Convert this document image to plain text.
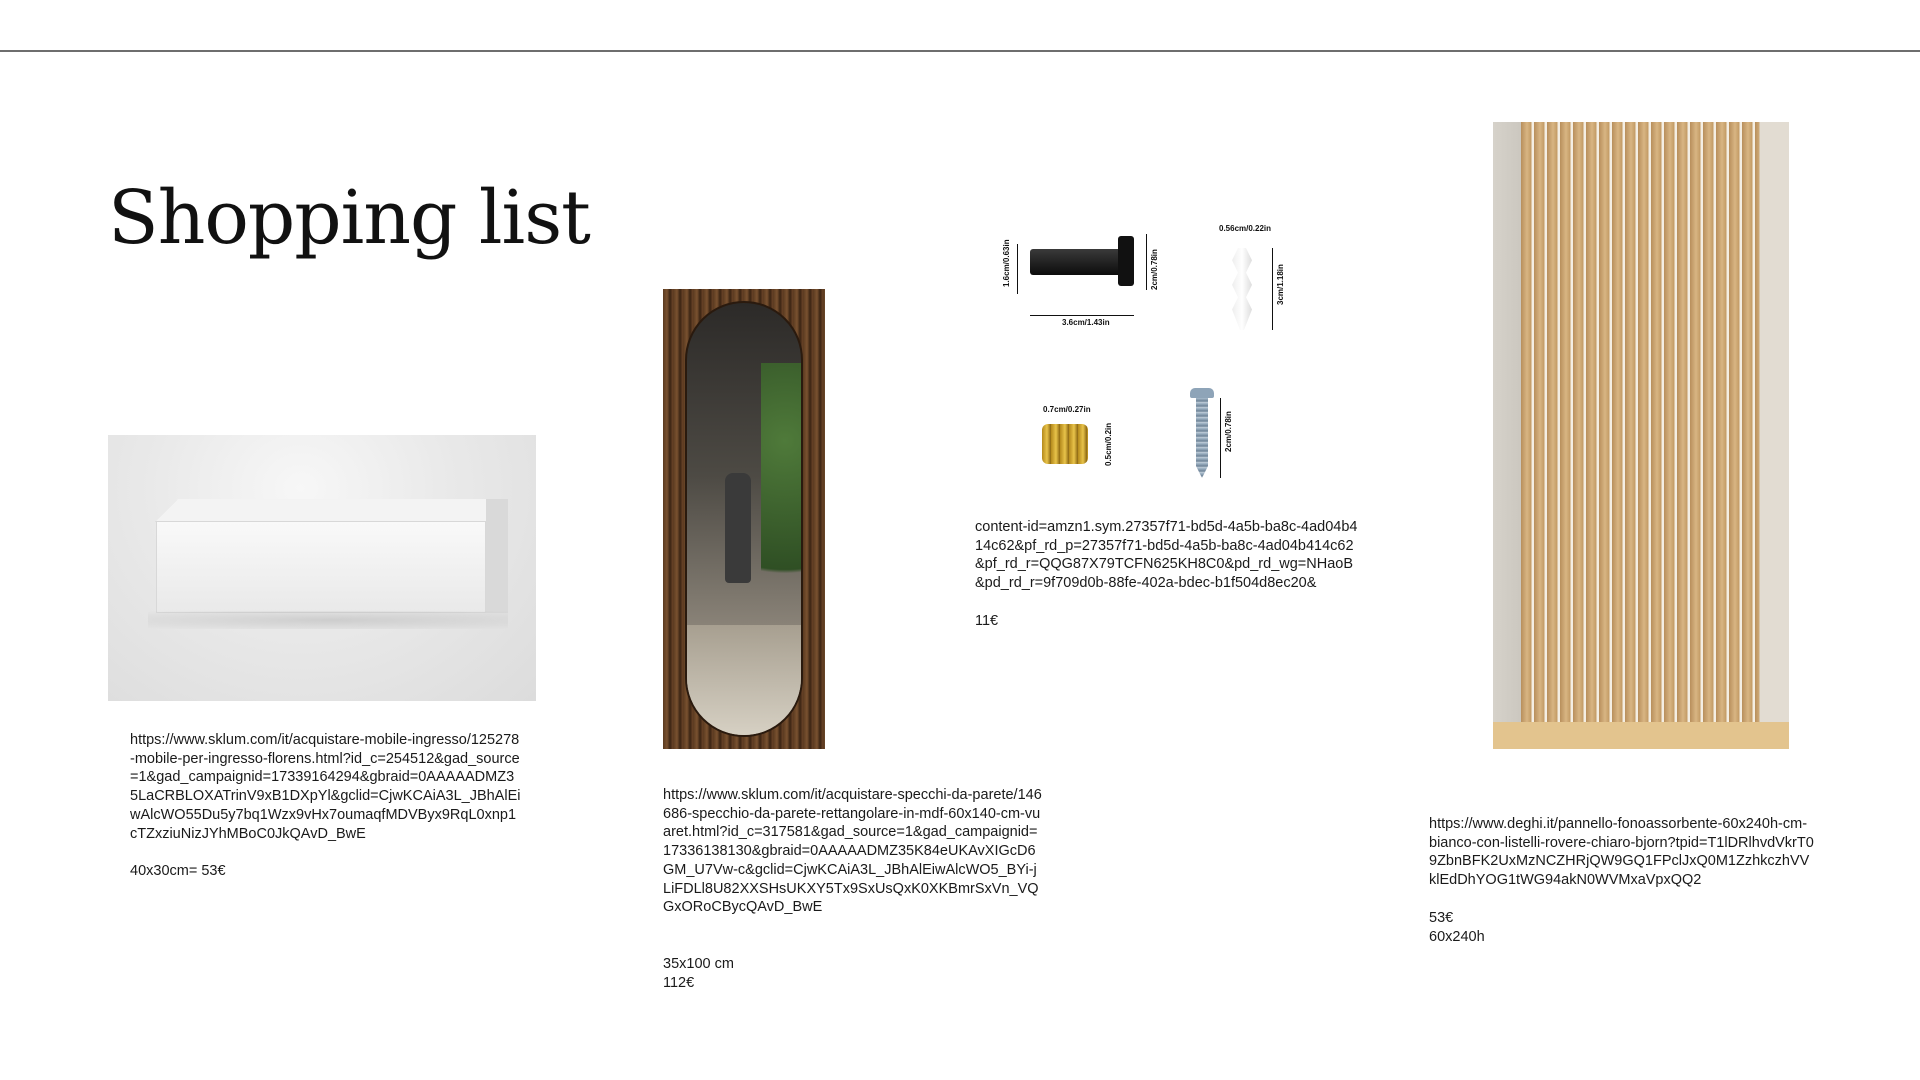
Shopping list

https://www.sklum.com/it/acquistare-mobile-ingresso/125278-mobile-per-ingresso-florens.html?id_c=254512&gad_source=1&gad_campaignid=17339164294&gbraid=0AAAAADMZ35LaCRBLOXATrinV9xB1DXpYl&gclid=CjwKCAiA3L_JBhAlEiwAlcWO55Du5y7bq1Wzx9vHx7oumaqfMDVByx9RqL0xnp1cTZxziuNizJYhMBoC0JkQAvD_BwE

40x30cm= 53€

https://www.sklum.com/it/acquistare-specchi-da-parete/146686-specchio-da-parete-rettangolare-in-mdf-60x140-cm-vuaret.html?id_c=317581&gad_source=1&gad_campaignid=17336138130&gbraid=0AAAAADMZ35K84eUKAvXIGcD6GM_U7Vw-c&gclid=CjwKCAiA3L_JBhAlEiwAlcWO5_BYi-jLiFDLl8U82XXSHsUKXY5Tx9SxUsQxK0XKBmrSxVn_VQGxORoCBycQAvD_BwE

35x100 cm

112€

1.6cm/0.63in
3.6cm/1.43in
2cm/0.78in
0.56cm/0.22in
3cm/1.18in
0.7cm/0.27in
0.5cm/0.2in	2cm/0.78in

content-id=amzn1.sym.27357f71-bd5d-4a5b-ba8c-4ad04b414c62&pf_rd_p=27357f71-bd5d-4a5b-ba8c-4ad04b414c62&pf_rd_r=QQG87X79TCFN625KH8C0&pd_rd_wg=NHaoB&pd_rd_r=9f709d0b-88fe-402a-bdec-b1f504d8ec20&

11€

https://www.deghi.it/pannello-fonoassorbente-60x240h-cm-bianco-con-listelli-rovere-chiaro-bjorn?tpid=T1lDRlhvdVkrT09ZbnBFK2UxMzNCZHRjQW9GQ1FPclJxQ0M1ZzhkczhVVklEdDhYOG1tWG94akN0WVMxaVpxQQ2

53€

60x240h
